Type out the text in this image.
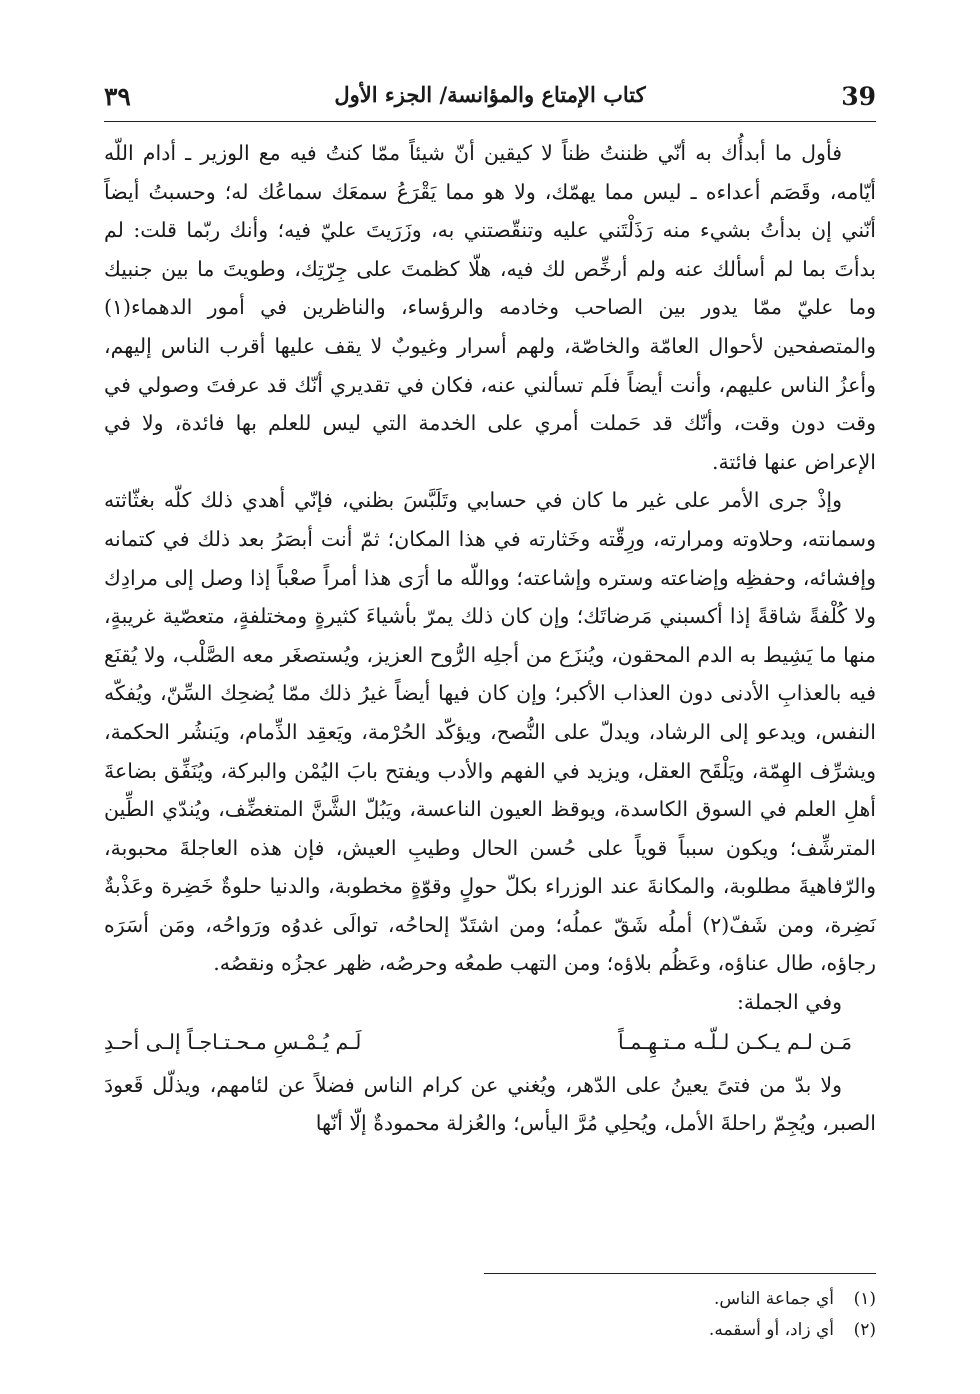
٣٩	كتاب الإمتاع والمؤانسة/ الجزء الأول	39

فأول ما أبدأُك به أنّي ظننتُ ظناً لا كيقين أنّ شيئاً ممّا كنتُ فيه مع الوزير ـ أدام اللّه أيّامه، وقَصَم أعداءه ـ ليس مما يهمّك، ولا هو مما يَقْرَعُ سمعَك سماعُك له؛ وحسبتُ أيضاً أنّني إن بدأتُ بشيء منه رَذَلْتَني عليه وتنقّصتني به، وزَرَيتَ عليّ فيه؛ وأنك ربّما قلت: لم بدأتَ بما لم أسألك عنه ولم أرخِّص لك فيه، هلّا كظمتَ على جِرّتِك، وطويتَ ما بين جنبيك وما عليّ ممّا يدور بين الصاحب وخادمه والرؤساء، والناظرين في أمور الدهماء(١) والمتصفحين لأحوال العامّة والخاصّة، ولهم أسرار وغيوبٌ لا يقف عليها أقرب الناس إليهم، وأعزُ الناس عليهم، وأنت أيضاً فلَم تسألني عنه، فكان في تقديري أنّك قد عرفتَ وصولي في وقت دون وقت، وأنّك قد حَملت أمري على الخدمة التي ليس للعلم بها فائدة، ولا في الإعراض عنها فائتة.

وإذْ جرى الأمر على غير ما كان في حسابي وتَلَبَّسَ بظني، فإنّي أهدي ذلك كلّه بغثّاثته وسمانته، وحلاوته ومرارته، ورِقّته وخَثارته في هذا المكان؛ ثمّ أنت أبصَرُ بعد ذلك في كتمانه وإفشائه، وحفظِه وإضاعته وستره وإشاعته؛ وواللّه ما أرَى هذا أمراً صعْباً إذا وصل إلى مرادِك ولا كُلْفةً شاقةً إذا أكسبني مَرضاتَك؛ وإن كان ذلك يمرّ بأشياءَ كثيرةٍ ومختلفةٍ، متعصّية غريبةٍ، منها ما يَشِيط به الدم المحقون، ويُنزَع من أجلِه الرُّوح العزيز، ويُستصغَر معه الصَّلْب، ولا يُقنَع فيه بالعذابِ الأدنى دون العذاب الأكبر؛ وإن كان فيها أيضاً غيرُ ذلك ممّا يُضحِك السِّنّ، ويُفكّه النفس، ويدعو إلى الرشاد، ويدلّ على النُّصح، ويؤكّد الحُرْمة، ويَعقِد الذِّمام، ويَنشُر الحكمة، ويشرِّف الهِمّة، ويَلْقَح العقل، ويزيد في الفهم والأدب ويفتح بابَ اليُمْن والبركة، ويُنَفِّق بضاعةَ أهلِ العلم في السوق الكاسدة، ويوقظ العيون الناعسة، ويَبُلّ الشَّنَّ المتغضِّف، ويُندّي الطِّين المترشِّف؛ ويكون سبباً قوياً على حُسن الحال وطيبِ العيش، فإن هذه العاجلةَ محبوبة، والرّفاهيةَ مطلوبة، والمكانةَ عند الوزراء بكلّ حولٍ وقوّةٍ مخطوبة، والدنيا حلوةٌ خَضِرة وعَذْبةٌ نَضِرة، ومن شَفّ(٢) أملُه شَقّ عملُه؛ ومن اشتَدّ إلحاحُه، توالَى غدوُه ورَواحُه، ومَن أسَرَه رجاؤه، طال عناؤه، وعَظُم بلاؤه؛ ومن التهب طمعُه وحرصُه، ظهر عجزُه ونقصُه.

وفي الجملة:

مَـن لـم يـكـن لـلّـه مـتـهِـمـاً
لَـم يُـمْـسِ مـحـتـاجـاً إلـى أحـدِ

ولا بدّ من فتىً يعينُ على الدّهر، ويُغني عن كرام الناس فضلاً عن لئامهم، ويذلّل قَعودَ الصبر، ويُجِمّ راحلةَ الأمل، ويُحلِي مُرَّ اليأس؛ والعُزلة محمودةٌ إلّا أنّها

(١)
أي جماعة الناس.
(٢)
أي زاد، أو أسقمه.
